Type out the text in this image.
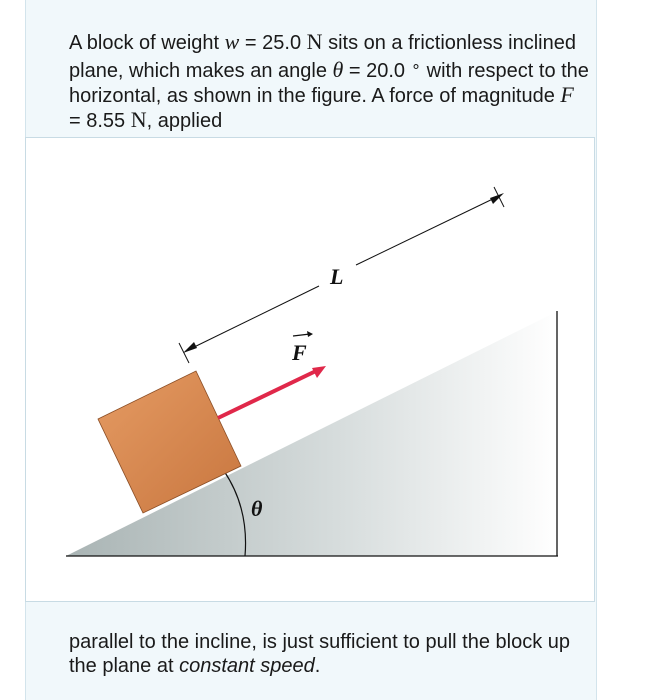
A block of weight w = 25.0 N sits on a frictionless inclined plane, which makes an angle θ = 20.0 ∘ with respect to the horizontal, as shown in the figure. A force of magnitude F = 8.55 N, applied

θ
F
L

parallel to the incline, is just sufficient to pull the block up the plane at constant speed.
